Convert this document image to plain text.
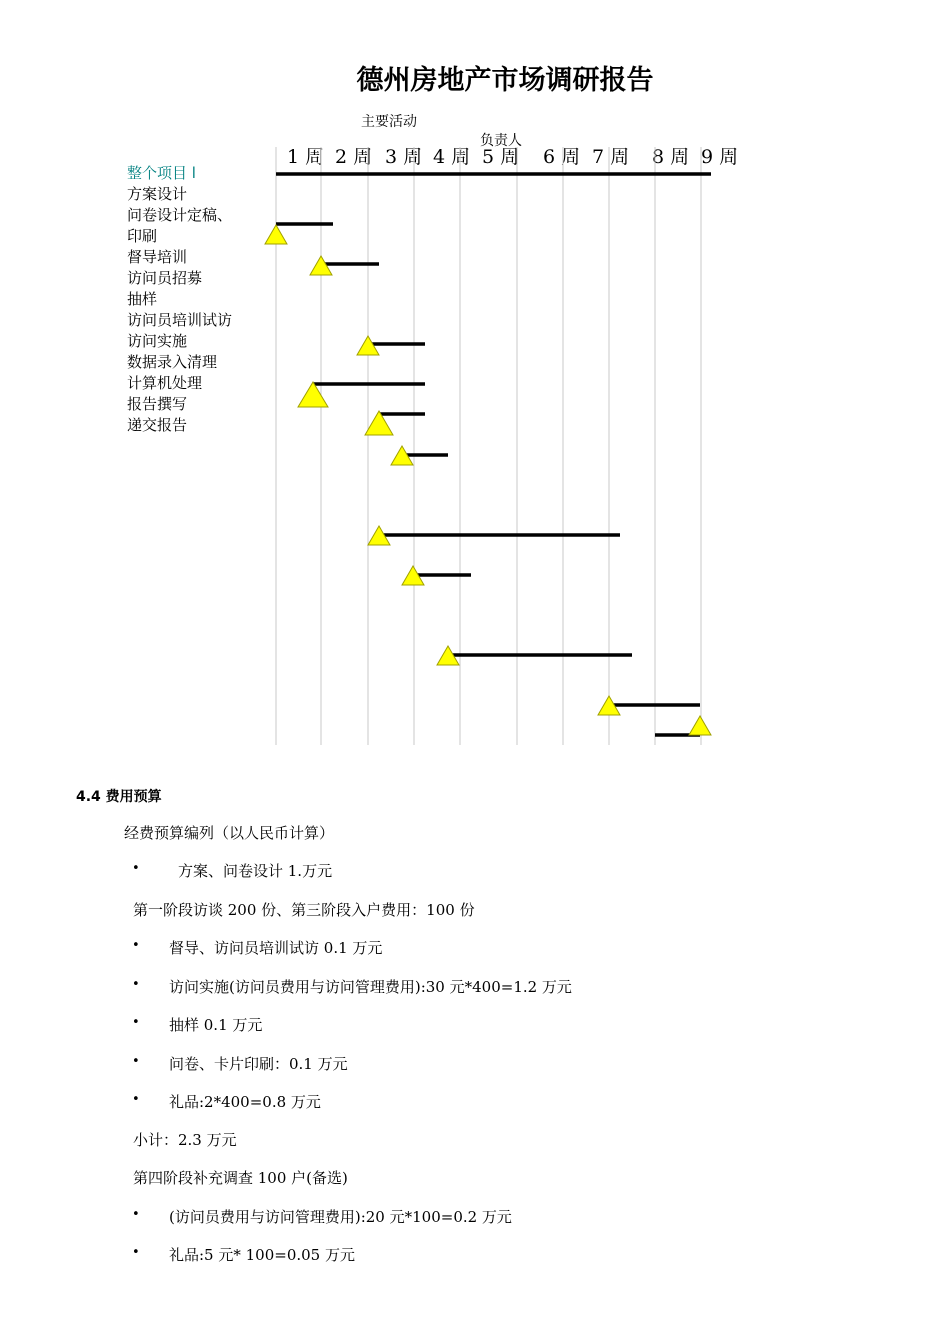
德州房地产市场调研报告
主要活动
负责人
1 周 2 周 3 周 4 周 5 周 6 周 7 周 8 周 9 周
整个项目 l
方案设计
问卷设计定稿、
印刷
督导培训
访问员招募
抽样
访问员培训试访
访问实施
数据录入清理
计算机处理
报告撰写
递交报告
4.4 费用预算
经费预算编列（以人民币计算）
•	方案、问卷设计 1.万元
第一阶段访谈 200 份、第三阶段入户费用：100 份
• 督导、访问员培训试访 0.1 万元
• 访问实施(访问员费用与访问管理费用):30 元*400=1.2 万元
• 抽样 0.1 万元
• 问卷、卡片印刷：0.1 万元
• 礼品:2*400=0.8 万元
小计：2.3 万元
第四阶段补充调查 100 户(备选)
• (访问员费用与访问管理费用):20 元*100=0.2 万元
• 礼品:5 元* 100=0.05 万元
